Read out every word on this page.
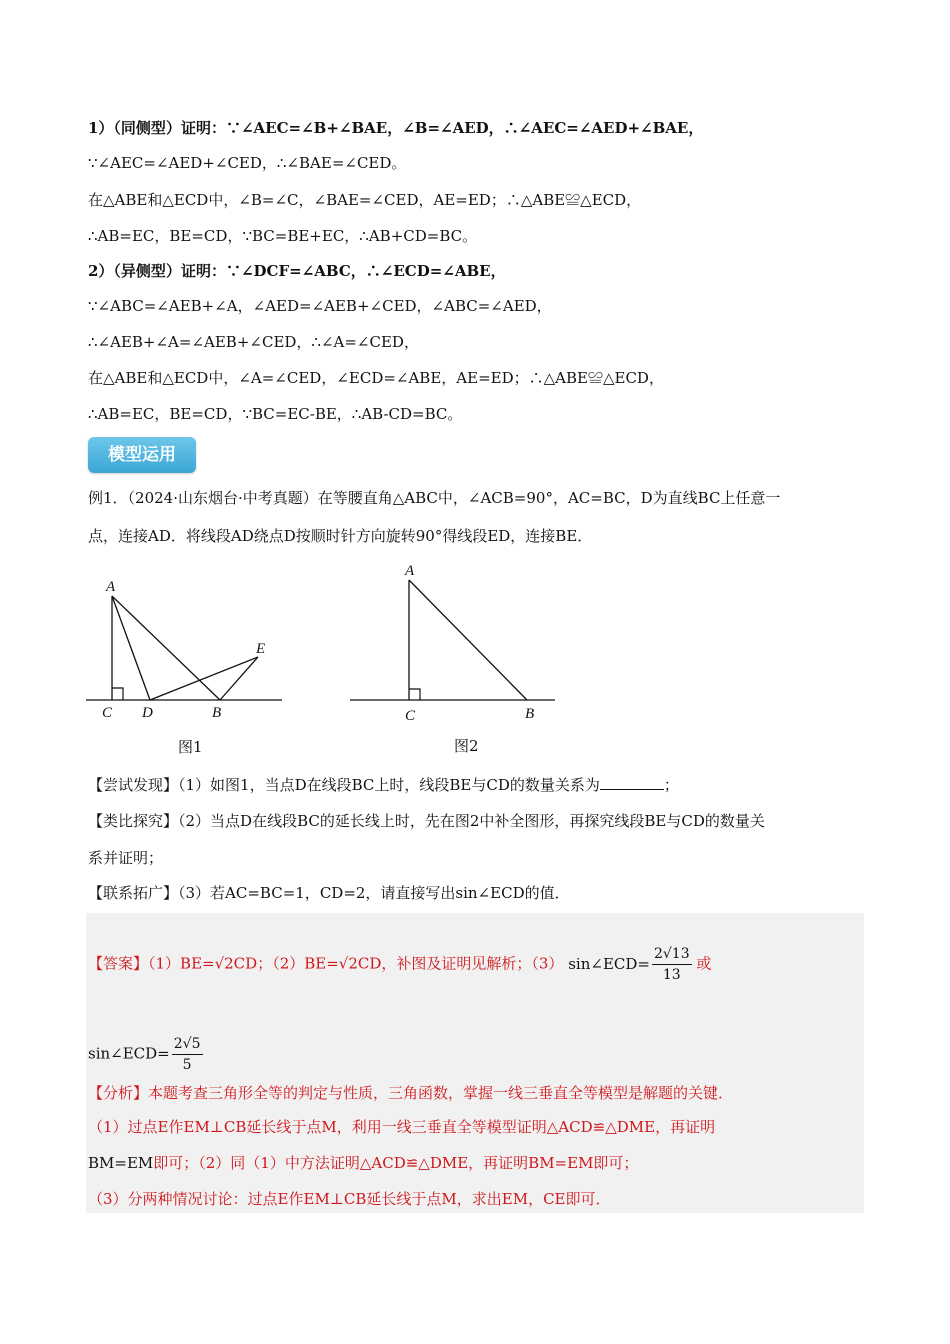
1）（同侧型）证明：∵∠AEC=∠B+∠BAE，∠B=∠AED，∴∠AEC=∠AED+∠BAE，
∵∠AEC=∠AED+∠CED，∴∠BAE=∠CED。
在△ABE和△ECD中，∠B=∠C，∠BAE=∠CED，AE=ED；∴△ABE≌△ECD，
∴AB=EC，BE=CD，∵BC=BE+EC，∴AB+CD=BC。
2）（异侧型）证明：∵∠DCF=∠ABC，∴∠ECD=∠ABE，
∵∠ABC=∠AEB+∠A，∠AED=∠AEB+∠CED，∠ABC=∠AED，
∴∠AEB+∠A=∠AEB+∠CED，∴∠A=∠CED，
在△ABE和△ECD中，∠A=∠CED，∠ECD=∠ABE，AE=ED；∴△ABE≌△ECD，
∴AB=EC，BE=CD，∵BC=EC-BE，∴AB-CD=BC。
模型运用
例1．（2024·山东烟台·中考真题）在等腰直角△ABC中，∠ACB=90°，AC=BC，D为直线BC上任意一
点，连接AD．将线段AD绕点D按顺时针方向旋转90°得线段ED，连接BE．
A
E
C D	B
图1
A
C	B
图2
【尝试发现】（1）如图1，当点D在线段BC上时，线段BE与CD的数量关系为	；
【类比探究】（2）当点D在线段BC的延长线上时，先在图2中补全图形，再探究线段BE与CD的数量关
系并证明；
【联系拓广】（3）若AC=BC=1，CD=2，请直接写出sin∠ECD的值．
【答案】（1）BE=√2CD；（2）BE=√2CD，补图及证明见解析；（3） sin∠ECD= $\frac{2√13}{13}$ 或
sin∠ECD= $\frac{2√5}{5}$
【分析】本题考查三角形全等的判定与性质，三角函数，掌握一线三垂直全等模型是解题的关键．
（1）过点E作EM⊥CB延长线于点M，利用一线三垂直全等模型证明△ACD≌△DME，再证明
BM=EM即可；（2）同（1）中方法证明△ACD≌△DME，再证明BM=EM即可；
（3）分两种情况讨论：过点E作EM⊥CB延长线于点M，求出EM，CE即可．
